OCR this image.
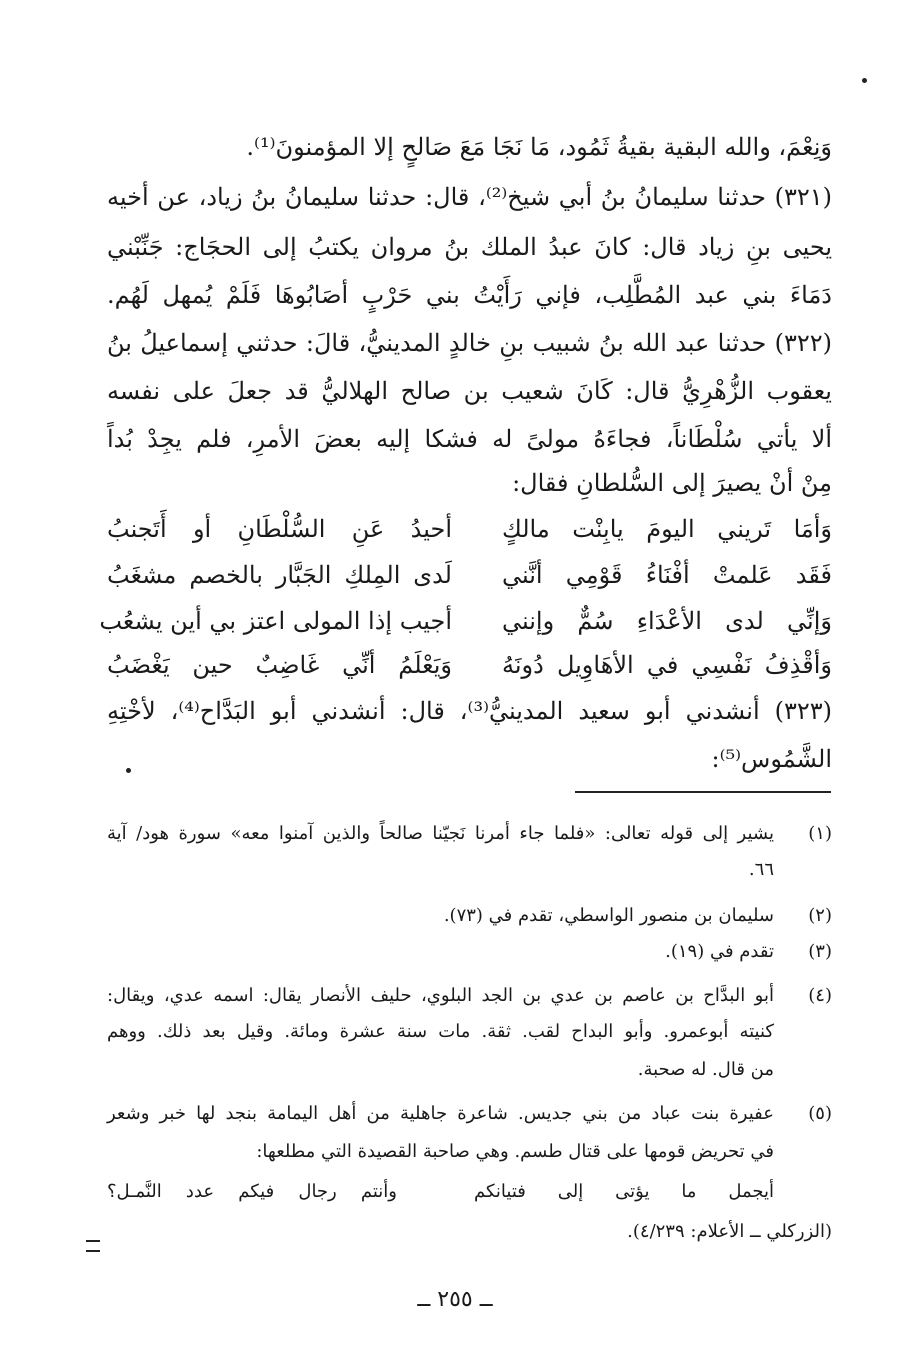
وَنِعْمَ، والله البقية بقيةُ ثَمُود، مَا نَجَا مَعَ صَالحٍ إلا المؤمنونَ⁽¹⁾.
(٣٢١) حدثنا سليمانُ بنُ أبي شيخ⁽²⁾، قال: حدثنا سليمانُ بنُ زياد، عن أخيه
يحيى بنِ زياد قال: كانَ عبدُ الملك بنُ مروان يكتبُ إلى الحجَاج: جَنِّبْني
دَمَاءَ بني عبد المُطَّلِب، فإني رَأَيْتُ بني حَرْبٍ أصَابُوهَا فَلَمْ يُمهل لَهُم.
(٣٢٢) حدثنا عبد الله بنُ شبيب بنِ خالدٍ المدينيُّ، قالَ: حدثني إسماعيلُ بنُ
يعقوب الزُّهْرِيُّ قال: كَانَ شعيب بن صالح الهلاليُّ قد جعلَ على نفسه
ألا يأتي سُلْطَاناً، فجاءَهُ مولىً له فشكا إليه بعضَ الأمرِ، فلم يجِدْ بُداً
مِنْ أنْ يصيرَ إلى السُّلطانِ فقال:
وَأمَا تَريني اليومَ يابِنْت مالكٍ
أحيدُ عَنِ السُّلْطَانِ أو أَتَجنبُ
فَقَد عَلمتْ أفْنَاءُ قَوْمِي أنَّني
لَدى المِلكِ الجَبَّار بالخصم مشغَبُ
وَإنِّي لدى الأعْدَاءِ سُمٌّ وإنني
أجيب إذا المولى اعتز بي أين يشعُب
وَأقْذِفُ نَفْسِي في الأهَاوِيل دُونَهُ
وَيَعْلَمُ أنِّي غَاضِبٌ حين يَغْضَبُ
(٣٢٣) أنشدني أبو سعيد المدينيُّ⁽³⁾، قال: أنشدني أبو البَدَّاح⁽⁴⁾، لأخْتِهِ
الشَّمُوس⁽⁵⁾:
(١)
يشير إلى قوله تعالى: «فلما جاء أمرنا نَجيّنا صالحاً والذين آمنوا معه» سورة هود/ آية
٦٦.
(٢)
سليمان بن منصور الواسطي، تقدم في (٧٣).
(٣)
تقدم في (١٩).
(٤)
أبو البدَّاح بن عاصم بن عدي بن الجد البلوي، حليف الأنصار يقال: اسمه عدي، ويقال:
كنيته أبوعمرو. وأبو البداح لقب. ثقة. مات سنة عشرة ومائة. وقيل بعد ذلك. ووهم
من قال. له صحبة.
(٥)
عفيرة بنت عباد من بني جديس. شاعرة جاهلية من أهل اليمامة بنجد لها خبر وشعر
في تحريض قومها على قتال طسم. وهي صاحبة القصيدة التي مطلعها:
أيجمل ما يؤتى إلى فتيانكم
وأنتم رجال فيكم عدد النَّمـل؟
(الزركلي ــ الأعلام: ٤/٢٣٩).
ــ ٢٥٥ ــ
